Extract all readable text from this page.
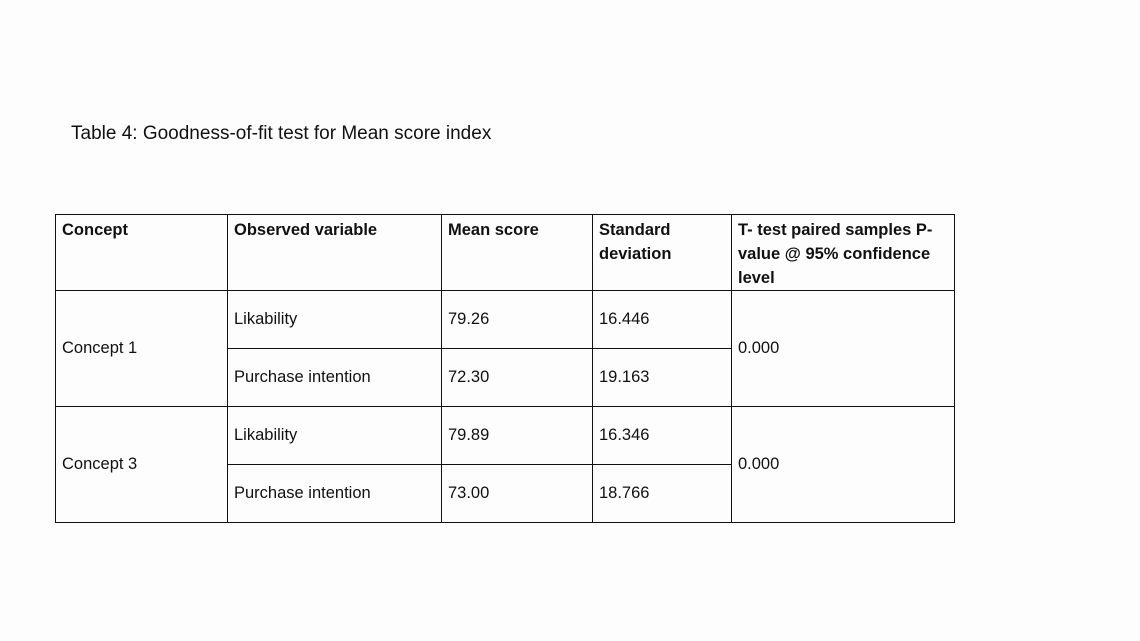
Table 4: Goodness-of-fit test for Mean score index

Concept	Observed variable	Mean score	Standard deviation	T- test paired samples P-value @ 95% confidence level
Concept 1	Likability	79.26	16.446	0.000
	Purchase intention	72.30	19.163	
Concept 3	Likability	79.89	16.346	0.000
	Purchase intention	73.00	18.766	
